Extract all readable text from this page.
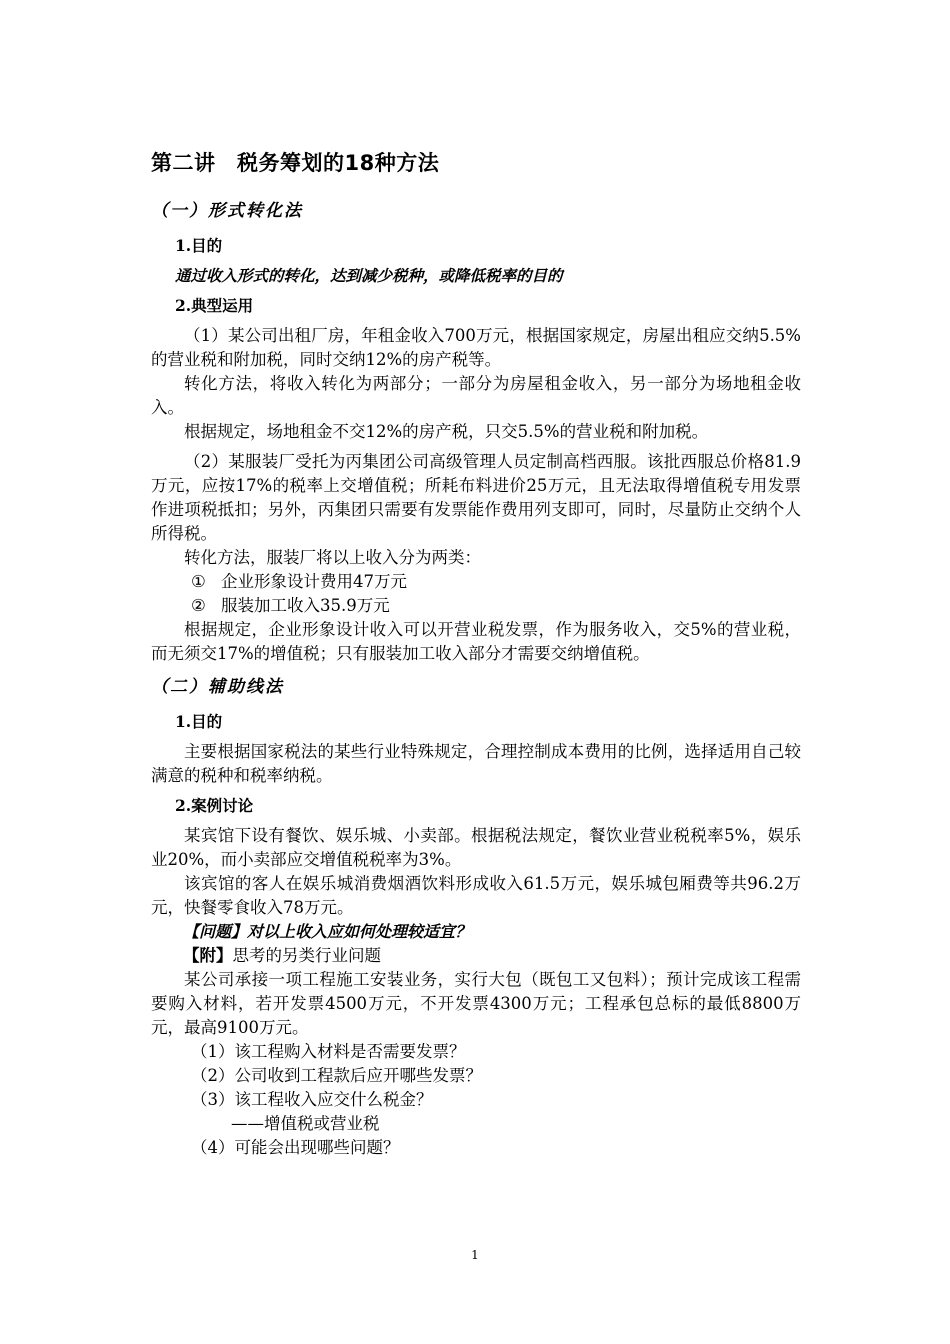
第二讲　税务筹划的18种方法
（一）形式转化法
1.目的
通过收入形式的转化，达到减少税种，或降低税率的目的
2.典型运用

（1）某公司出租厂房，年租金收入700万元，根据国家规定，房屋出租应交纳5.5%的营业税和附加税，同时交纳12%的房产税等。

转化方法，将收入转化为两部分；一部分为房屋租金收入，另一部分为场地租金收入。

根据规定，场地租金不交12%的房产税，只交5.5%的营业税和附加税。

（2）某服装厂受托为丙集团公司高级管理人员定制高档西服。该批西服总价格81.9万元，应按17%的税率上交增值税；所耗布料进价25万元，且无法取得增值税专用发票作进项税抵扣；另外，丙集团只需要有发票能作费用列支即可，同时，尽量防止交纳个人所得税。

转化方法，服装厂将以上收入分为两类：

① 企业形象设计费用47万元
② 服装加工收入35.9万元

根据规定，企业形象设计收入可以开营业税发票，作为服务收入，交5%的营业税，而无须交17%的增值税；只有服装加工收入部分才需要交纳增值税。

（二）辅助线法
1.目的

主要根据国家税法的某些行业特殊规定，合理控制成本费用的比例，选择适用自己较满意的税种和税率纳税。

2.案例讨论

某宾馆下设有餐饮、娱乐城、小卖部。根据税法规定，餐饮业营业税税率5%，娱乐业20%，而小卖部应交增值税税率为3%。

该宾馆的客人在娱乐城消费烟酒饮料形成收入61.5万元，娱乐城包厢费等共96.2万元，快餐零食收入78万元。

【问题】对以上收入应如何处理较适宜？
【附】思考的另类行业问题

某公司承接一项工程施工安装业务，实行大包（既包工又包料）；预计完成该工程需要购入材料，若开发票4500万元，不开发票4300万元；工程承包总标的最低8800万元，最高9100万元。

（1）该工程购入材料是否需要发票？
（2）公司收到工程款后应开哪些发票？
（3）该工程收入应交什么税金？
——增值税或营业税
（4）可能会出现哪些问题？
1
